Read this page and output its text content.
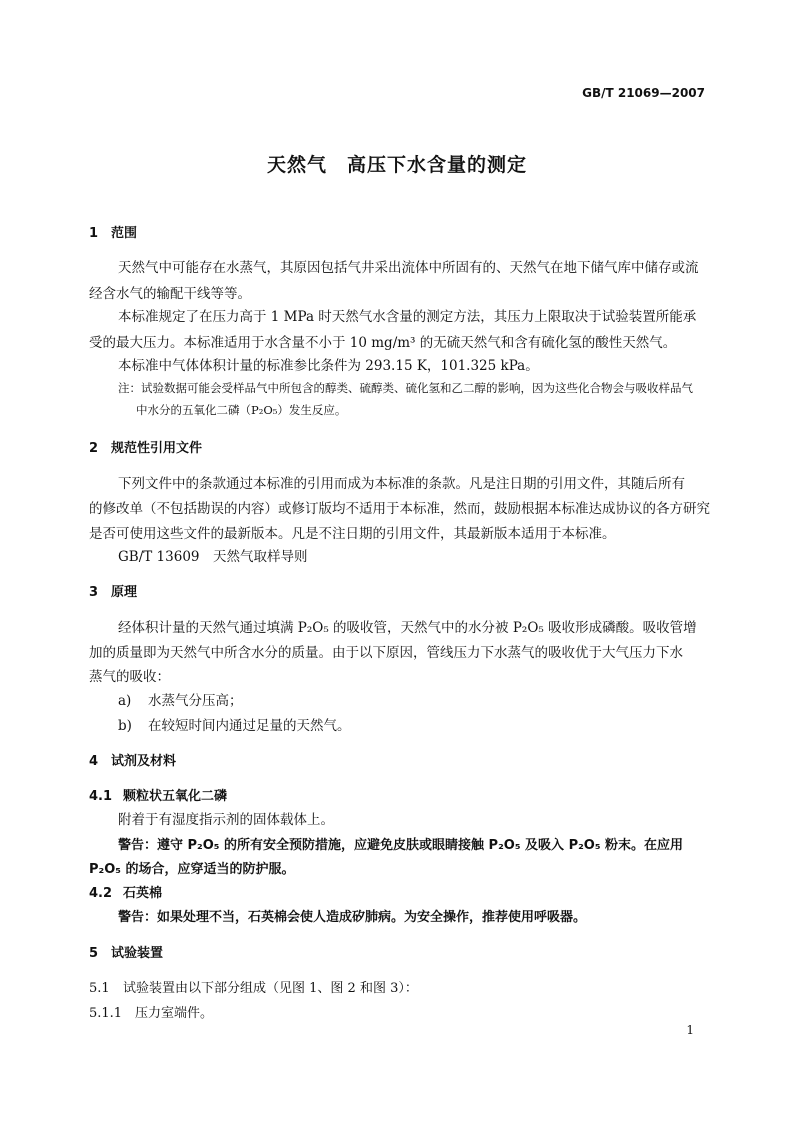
GB/T 21069—2007
天然气　高压下水含量的测定
1 范围
天然气中可能存在水蒸气，其原因包括气井采出流体中所固有的、天然气在地下储气库中储存或流
经含水气的输配干线等等。
本标准规定了在压力高于 1 MPa 时天然气水含量的测定方法，其压力上限取决于试验装置所能承
受的最大压力。本标准适用于水含量不小于 10 mg/m³ 的无硫天然气和含有硫化氢的酸性天然气。
本标准中气体体积计量的标准参比条件为 293.15 K，101.325 kPa。
注：试验数据可能会受样品气中所包含的醇类、硫醇类、硫化氢和乙二醇的影响，因为这些化合物会与吸收样品气
中水分的五氧化二磷（P₂O₅）发生反应。
2 规范性引用文件
下列文件中的条款通过本标准的引用而成为本标准的条款。凡是注日期的引用文件，其随后所有
的修改单（不包括勘误的内容）或修订版均不适用于本标准，然而，鼓励根据本标准达成协议的各方研究
是否可使用这些文件的最新版本。凡是不注日期的引用文件，其最新版本适用于本标准。
GB/T 13609　天然气取样导则
3 原理
经体积计量的天然气通过填满 P₂O₅ 的吸收管，天然气中的水分被 P₂O₅ 吸收形成磷酸。吸收管增
加的质量即为天然气中所含水分的质量。由于以下原因，管线压力下水蒸气的吸收优于大气压力下水
蒸气的吸收：
a) 水蒸气分压高；
b) 在较短时间内通过足量的天然气。
4 试剂及材料
4.1 颗粒状五氧化二磷
附着于有湿度指示剂的固体载体上。
警告：遵守 P₂O₅ 的所有安全预防措施，应避免皮肤或眼睛接触 P₂O₅ 及吸入 P₂O₅ 粉末。在应用
P₂O₅ 的场合，应穿适当的防护服。
4.2 石英棉
警告：如果处理不当，石英棉会使人造成矽肺病。为安全操作，推荐使用呼吸器。
5 试验装置
5.1 试验装置由以下部分组成（见图 1、图 2 和图 3）：
5.1.1 压力室端件。
1
